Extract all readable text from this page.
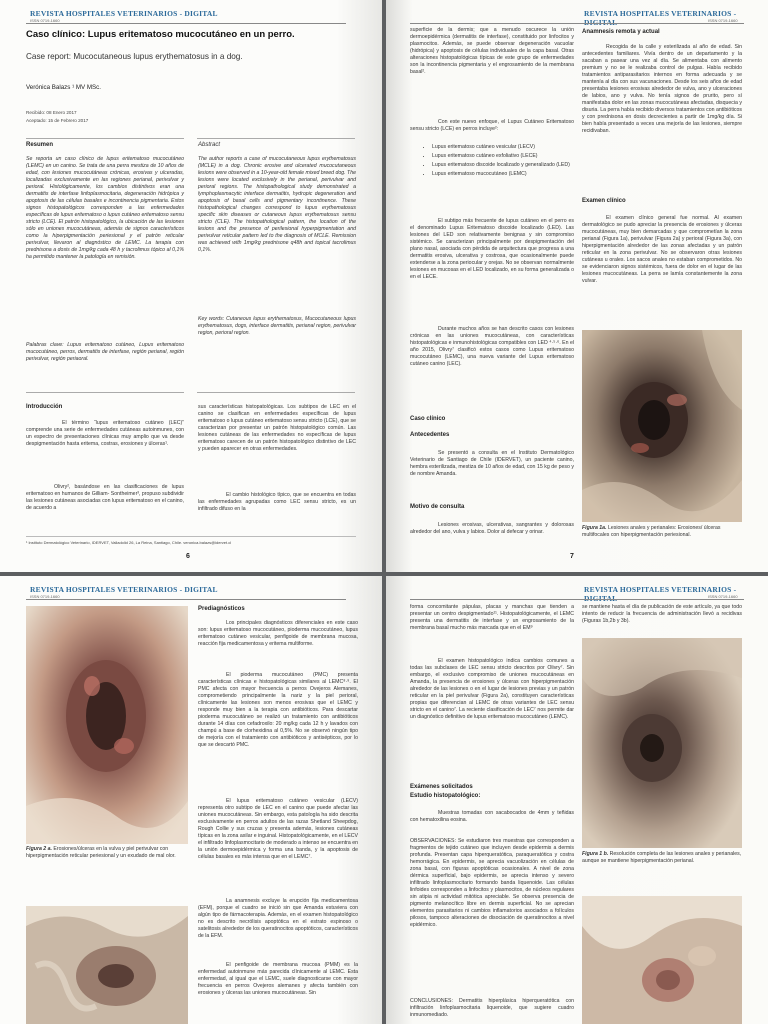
REVISTA HOSPITALES VETERINARIOS - DIGITAL
ISSN 0719-1660
Caso clínico: Lupus eritematoso mucocutáneo en un perro.
Case report: Mucocutaneous lupus erythematosus in a dog.
Verónica Balazs ¹ MV MSc.
Recibido: 08 Enero 2017
Aceptado: 15 de Febrero 2017
Resumen

Se reporta un caso clínico de lupus eritematoso mucocutáneo (LEMC) en un canino. Se trata de una perra mestiza de 10 años de edad, con lesiones mucocutáneas crónicas, erosivas y ulceradas, localizadas exclusivamente en las regiones perianal, perivulvar y perioral. Histológicamente, los cambios distintivos eran una dermatitis de interfase linfoplasmocitaria, degeneración hidrópica y apoptosis de las células basales e incontinencia pigmentaria. Estos signos histopatológicos corresponden a las enfermedades específicas de lupus eritematoso o lupus cutáneo eritematoso sensu stricto (LCE). El patrón histopatológico, la ubicación de las lesiones sólo en uniones mucocutáneas, además de signos característicos como la hiperpigmentación periesional y el patrón reticular perivulvar, llevaron al diagnóstico de LEMC. La terapia con prednisona a dosis de 1mg/kg cada 48 h y tacrolimus tópico al 0,1% ha permitido mantener la patología en remisión.

Palabras clave: Lupus eritematoso cutáneo, Lupus eritematoso mucocutáneo, perros, dermatitis de interfase, región perianal, región perivulvar, región periaoral.

Abstract

The author reports a case of mucocutaneous lupus erythematosus (MCLE) in a dog. Chronic erosive and ulcerated mucocutaneous lesions were observed in a 10-year-old female mixed breed dog. The lesions were located exclusively in the perianal, perivulvar and perioral regions. The histopathological study demonstrated a lymphoplasmacytic interface dermatitis, hydropic degeneration and apoptosis of basal cells and pigmentary incontinence. These histopathological changes correspond to lupus erythematosus specific skin diseases or cutaneous lupus erythematosus sensu stricto (CLE). The histopathological pattern, the location of the lesions and the presence of perilesional hyperpigmentation and perivulvar reticular pattern led to the diagnosis of MCLE. Remission was achieved with 1mg/kg prednisone q48h and topical tacrolimus 0,1%.

Key words: Cutaneous lupus erythematosus, Mucocutaneous lupus erythematosus, dogs, interface dermatitis, perianal region, perivulvar region, perioral region.

Introducción

El término “lupus eritematoso cutáneo (LEC)” comprende una serie de enfermedades cutáneas autoinmunes, con un espectro de presentaciones clínicas muy amplio que va desde despigmentación hasta eritema, costras, erosiones y úlceras¹.

Olivry², basándose en las clasificaciones de lupus eritematoso en humanos de Gilliam- Sontheimer³, propuso subdividir las lesiones cutáneas asociadas con lupus eritematoso en el canino, de acuerdo a

sus características histopatológicas. Los subtipos de LEC en el canino se clasifican en enfermedades específicas de lupus eritematoso o lupus cutáneo eritematoso sensu stricto (LCE), que se caracterizan por presentar un patrón histopatológico común. Las lesiones cutáneas de las enfermedades no específicas de lupus eritematoso carecen de un patrón histopatológico distintivo de LEC y pueden aparecer en otras enfermedades.

El cambio histológico típico, que se encuentra en todas las enfermedades agrupadas como LEC sensu stricto, es un infiltrado difuso en la

¹ Instituto Dermatológico Veterinario, IDERVET, Valladolid 26, La Reina, Santiago, Chile. veronica.balazs@idervet.cl
6
REVISTA HOSPITALES VETERINARIOS -
ISSN 0719-1660

superficie de la dermis; que a menudo oscurece la unión dermoepidérmica (dermatitis de interfase), constituido por linfocitos y plasmocitos. Además, se puede observar degeneración vacuolar (hidrópica) y apoptosis de células individuales de la capa basal. Otras alteraciones histopatológicas típicas de este grupo de enfermedades son la incontinencia pigmentaria y el engrosamiento de la membrana basal².

Con este nuevo enfoque, el Lupus Cutáneo Eritematoso sensu stricto (LCE) en perros incluye²:

• Lupus eritematoso cutáneo vesicular (LECV)
• Lupus eritematoso cutáneo exfoliativo (LECE)
• Lupus eritematoso discoide localizado y generalizado (LED)
• Lupus eritematoso mucocutáneo (LEMC)

El subtipo más frecuente de lupus cutáneo en el perro es el denominado Lupus Eritematoso discoide localizado (LED). Las lesiones del LED son relativamente benignas y sin compromiso sistémico. Se caracterizan principalmente por despigmentación del plano nasal, asociada con pérdida de arquitectura que progresa a una dermatitis erosiva, ulcerativa y costrosa, que ocasionalmente puede extenderse a la zona periocular y orejas. No se observan normalmente lesiones en mucosas en el LED localizado, en su forma generalizada o en el LECE.

Durante muchos años se han descrito casos con lesiones crónicas en las uniones mucocutáneas, con características histopatológicas e inmunohistológicas compatibles con LED ⁴·⁵·⁶. En el año 2015, Olivry⁷ clasificó estos casos como Lupus eritematoso mucocutáneo (LEMC), una nueva variante del Lupus eritematoso cutáneo canino (LEC).

Caso clínico
Antecedentes

Se presentó a consulta en el Instituto Dermatológico Veterinario de Santiago de Chile (IDERVET), un paciente canino, hembra esterilizada, mestiza de 10 años de edad, con 15 kg de peso y de nombre Amanda.

Motivo de consulta

Lesiones erosivas, ulcerativas, sangrantes y dolorosas alrededor del ano, vulva y labios. Dolor al defecar y orinar.

Anamnesis remota y actual

Recogida de la calle y esterilizada al año de edad. Sin antecedentes familiares. Vivía dentro de un departamento y la sacaban a pasear una vez al día. Se alimentaba con alimento premium y no se le realizaba control de pulgas. Había recibido tratamientos antiparasitarios internos en forma adecuada y se mantenía al día con sus vacunaciones. Desde los seis años de edad presentaba lesiones erosivas alrededor de vulva, ano y ulceraciones de labios, ano y vulva. No tenía signos de prurito, pero sí manifestaba dolor en las zonas mucocutáneas afectadas, disquecia y disuria. La perra había recibido diversos tratamientos con antibióticos y con prednisona en dosis decrecientes a partir de 1mg/kg día. Si bien había presentado a veces una mejoría de las lesiones, siempre recidivaban.

Examen clínico

El examen clínico general fue normal. Al examen dermatológico se pudo apreciar la presencia de erosiones y úlceras mucocutáneas, muy bien demarcadas y que comprometían la zona perianal (Figura 1a), perivulvar (Figura 2a) y perioral (Figura 3a), con hiperpigmentación alrededor de las zonas afectadas y un patrón reticular en la zona perivulvar. No se observaron otras lesiones cutáneas u orales. Los sacos anales no estaban comprometidos. No se evidenciaron signos sistémicos, fuera de dolor en el lugar de las lesiones mucocutáneas. La perra se lamía constantemente la zona vulvar.

Figura 1a. Lesiones anales y perianales: Erosiones/ úlceras multifocales con hiperpigmentación periesional.
7
REVISTA HOSPITALES VETERINARIOS - DIGITAL
ISSN 0719-1660
Figura 2 a. Erosiones/úlceras en la vulva y piel perivulvar con hiperpigmentación reticular periesional y un exudado de mal olor.
Prediagnósticos

Los principales diagnósticos diferenciales en este caso son: lupus eritematoso mucocutáneo, pioderma mucocutáneo, lupus eritematoso cutáneo vesicular, penfigoide de membrana mucosa, reacción fija medicamentosa y eritema multiforme.

El pioderma mucocutáneo (PMC) presenta características clínicas e histopatológicas similares al LEMC⁸·⁹. El PMC afecta con mayor frecuencia a perros Ovejeros Alemanes, comprometiendo principalmente la nariz y la piel perioral, clínicamente las lesiones son menos erosivas que el LEMC y responde muy bien a la terapia con antibióticos. Para descartar pioderma mucocutáneo se realizó un tratamiento con antibióticos durante 14 días con cefadroxilo: 20 mg/kg cada 12 h y lavados con champú a base de clorhexidina al 0,5%. No se observó ningún tipo de mejoría con el tratamiento con antibióticos y antisépticos, por lo que se descartó PMC.

El lupus eritematoso cutáneo vesicular (LECV) representa otro subtipo de LEC en el canino que puede afectar las uniones mucocutáneas. Sin embargo, esta patología ha sido descrita exclusivamente en perros adultos de las razas Shetland Sheepdog, Rough Collie y sus cruzas y presenta además, lesiones cutáneas típicas en la zona axilar e inguinal. Histopatológicamente, en el LECV el infiltrado linfoplasmocitario de moderado a intenso se encuentra en la unión dermoepidérmica y forma una banda, y la apoptosis de células basales es más intensa que en el LEMC⁷.

La anamnesis excluye la erupción fija medicamentosa (EFM), porque el cuadro se inició sin que Amanda estuviera con algún tipo de fármacoterapia. Además, en el examen histopatológico no es descrito necrólisis apoptótica en el estrato espinoso o satelitosis alrededor de los queratinocitos apoptóticos, característicos de la EFM.

El penfigoide de membrana mucosa (PMM) es la enfermedad autoinmune más parecida clínicamente al LEMC. Esta enfermedad, al igual que el LEMC, suele diagnosticarse con mayor frecuencia en perros Ovejeros alemanes y afecta también con erosiones y úlceras las uniones mucocutáneas. Sin

REVISTA HOSPITALES VETERINARIOS -
ISSN 0719-1660

forma concomitante pápulas, placas y manchas que tienden a presentar un centro despigmentado¹¹. Histopatológicamente, el LEMC presenta una dermatitis de interfase y un engrosamiento de la membrana basal mucho más marcada que en el EM⁹

El examen histopatológico indica cambios comunes a todas las subclases de LEC sensu stricto descritos por Olivry⁷. Sin embargo, el exclusivo compromiso de uniones mucocutáneas en Amanda, la presencia de erosiones y úlceras con hiperpigmentación alrededor de las lesiones o en el lugar de lesiones previas y un patrón reticular en la piel perivulvar (Figura 2a), constituyen características propias que diferencian al LEMC de otras variantes de LEC sensu stricto en el canino⁷. La reciente clasificación de LEC⁷ nos permite dar un diagnóstico definitivo de lupus eritematoso mucocutáneo (LEMC).

Exámenes solicitados
Estudio histopatológico:

Muestras tomadas con sacabocados de 4mm y teñidas con hematoxilina eosina.

OBSERVACIONES: Se estudiaron tres muestras que corresponden a fragmentos de tejido cutáneo que incluyen desde epidermis a dermis profunda. Presentan capa hiperqueratótica, paraqueratótica y costra hemorrágica. En epidermis, se aprecia vacuolización en células de zona basal, con figuras apoptóticas ocasionales. A nivel de zona dérmica superficial, bajo epidermis, se aprecia intenso y severo infiltrado linfoplasmocitario formando banda liquenoide. Las células linfoides corresponden a linfocitos y plasmocitos, de núcleos regulares sin atipia ni actividad mitótica apreciable. Se observa presencia de pigmento melanocítico libre en dermis superficial. No se aprecian elementos parasitarios ni cambios inflamatorios asociados a folículos pilosos, tampoco alteraciones de disociación de queratinocitos a nivel epidérmico.

CONCLUSIONES: Dermatitis hiperplásica hiperqueratótica con infiltración linfoplasmocitaria liquenoide, que sugiere cuadro inmunomediado.

se mantiene hasta el día de publicación de este artículo, ya que todo intento de reducir la frecuencia de administración llevó a recidivas (Figuras 1b,2b y 3b).

Figura 1 b. Resolución completa de las lesiones anales y perianales, aunque se mantiene hiperpigmentación perianal.
